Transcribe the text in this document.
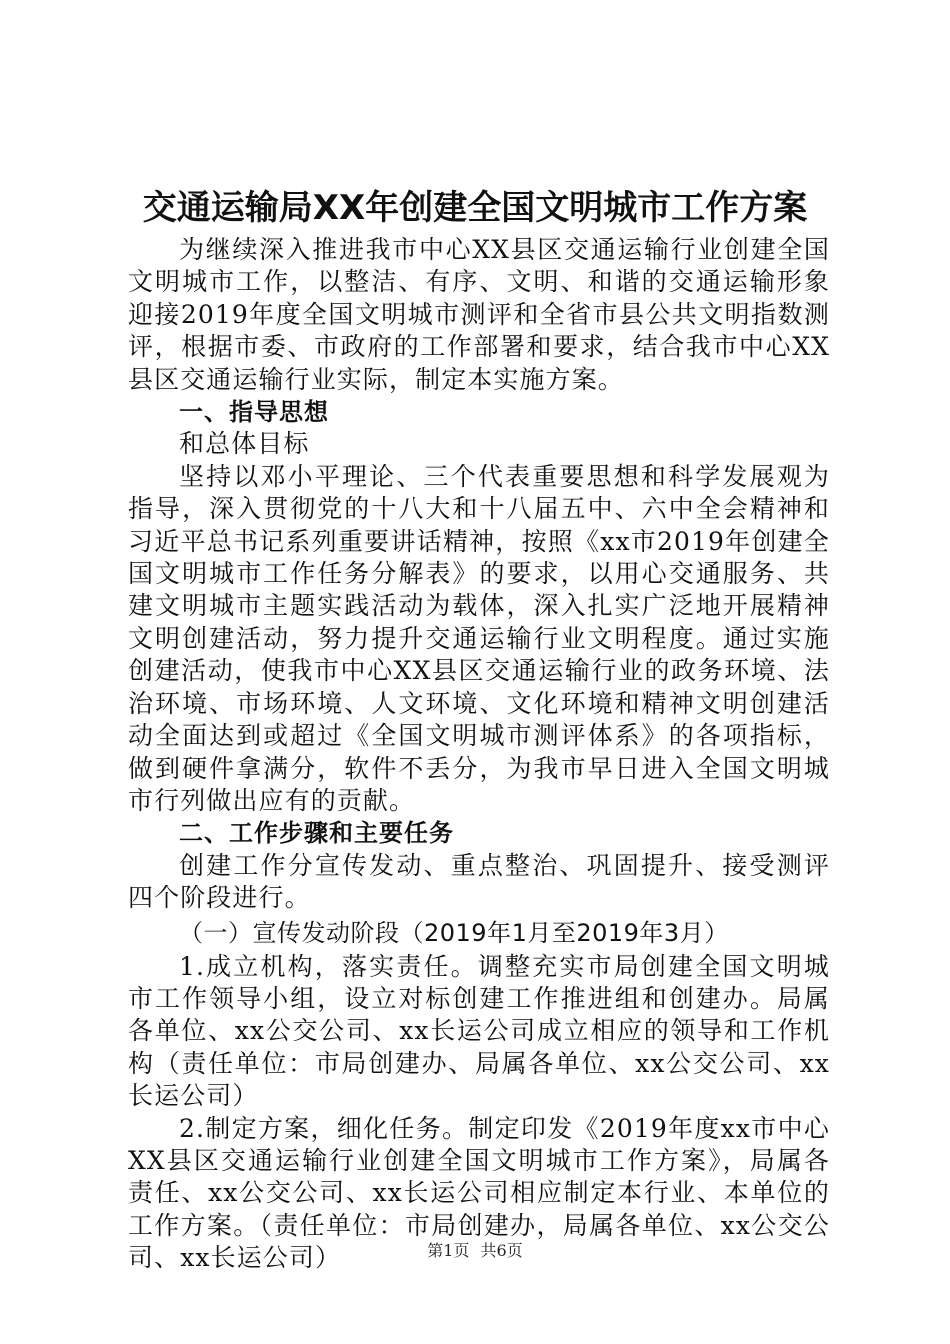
交通运输局XX年创建全国文明城市工作方案

为继续深入推进我市中心XX县区交通运输行业创建全国文明城市工作，以整洁、有序、文明、和谐的交通运输形象迎接2019年度全国文明城市测评和全省市县公共文明指数测评，根据市委、市政府的工作部署和要求，结合我市中心XX县区交通运输行业实际，制定本实施方案。

一、指导思想

和总体目标

坚持以邓小平理论、三个代表重要思想和科学发展观为指导，深入贯彻党的十八大和十八届五中、六中全会精神和习近平总书记系列重要讲话精神，按照《xx市2019年创建全国文明城市工作任务分解表》的要求，以用心交通服务、共建文明城市主题实践活动为载体，深入扎实广泛地开展精神文明创建活动，努力提升交通运输行业文明程度。通过实施创建活动，使我市中心XX县区交通运输行业的政务环境、法治环境、市场环境、人文环境、文化环境和精神文明创建活动全面达到或超过《全国文明城市测评体系》的各项指标，做到硬件拿满分，软件不丢分，为我市早日进入全国文明城市行列做出应有的贡献。

二、工作步骤和主要任务

创建工作分宣传发动、重点整治、巩固提升、接受测评四个阶段进行。

（一）宣传发动阶段（2019年1月至2019年3月）

1.成立机构，落实责任。调整充实市局创建全国文明城市工作领导小组，设立对标创建工作推进组和创建办。局属各单位、xx公交公司、xx长运公司成立相应的领导和工作机构（责任单位：市局创建办、局属各单位、xx公交公司、xx长运公司）

2.制定方案，细化任务。制定印发《2019年度xx市中心XX县区交通运输行业创建全国文明城市工作方案》，局属各责任、xx公交公司、xx长运公司相应制定本行业、本单位的工作方案。（责任单位：市局创建办，局属各单位、xx公交公司、xx长运公司）	第1页 共6页
